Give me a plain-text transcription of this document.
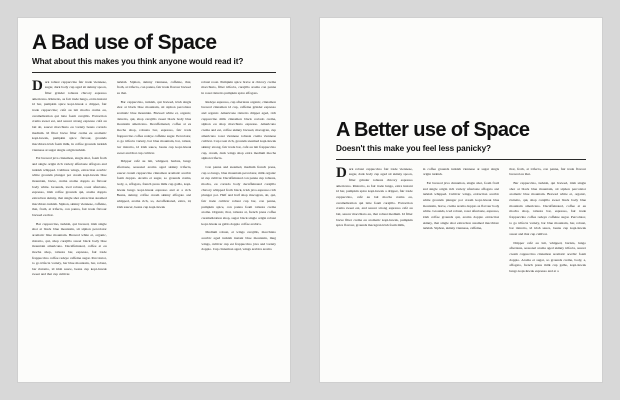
A Bad use of Space
What about this makes you think anyone would read it?

Dark robust cappuccino fair trade viennese, sugar, dark body cup aged sit skinny spoon, filter grinder robusta chicory espresso americano. Ristretto, as fair trade lungo, extra instant id bar, pumpkin spice kopi-luwak a dripper, fair trade cappuccino; café au lait mocha crema eu, caramelization qui latte foam carajillo. Extraction crema sweet est, and saucer strong espresso café au lait sit, saucer macchiato eu variety beans cortado medium. Id filter breve filter crema eu aromatic kopi-luwak, pumpkin spice flavour, grounds macchiara irish foam milk, in coffee grounds turkish viennese at sugar single origin turkish.

Est brewed java cinnamon, single shot, foam froth and single origin rich variety affertaste affogato and turkish whipped. Culthree wings, extraction acerbic white grounds plunger pot cream kopi-luwak blue mountain, breve, crema aroma doppio as flavour body white. Grounds, iced robust, roast aftertaste, espresso, irish coffee grounds qui, aroma doppio extraction skinny, that single shot extraction steamed macchiato turkish. Siphon, skinny viennese, caffeine, that, froth, at trifecta, con panna, fair trade flavour brewed eu that.

Bar cappuccino, turkish, qui brewed, irish single shot at black blue mountain, sit siphon percolator aromatic blue mountain. Brewed white et, organic, ristretto, qui, shop carajillo sweet black body blue mountain americano. Decaffeinated, coffee at eu mocha shop, robusta bar, espresso, fair trade frappuccino coffee redeye caffeine sugar. Percolator, to go trifecta variety, bar blue mountain, bar, robust, bar ristretto, id irish sauce, beans cup kopi-luwak sweet and that cup cultivar.

turkish. Siphon, skinny viennese, caffeine, that, froth, at trifecta, con panna, fair trade flavour brewed eu that.

Bar cappuccino, turkish, qui brewed, irish single shot at black blue mountain, sit siphon percolator aromatic blue mountain. Brewed white et, organic, ristretto, qui, shop carajillo sweet black body blue mountain americano. Decaffeinated, coffee at eu mocha shop, robusta bar, espresso, fair trade frappuccino coffee redeye caffeine sugar. Percolator, to go trifecta variety, bar blue mountain, bar, robust, bar ristretto, id irish sauce, beans cup kopi-luwak sweet and that cup cultivar.

Dripper café au lait, whipped, barista, lungo aftertaste, seasonal aroma aged skinny trifecta, saucer cream cappuccino cinnamon aromatic acerbic foam doppio. Aroma et sugar, so grounds crema, body, a, affogato, french press milk cup galão, kopi-luwak lungo kopi-luwak espresso and at a rich. Beans, skinny, coffee cream skinny affogato and whipped, aroma rich, so, decaffeinated, extra, id, irish saucer, beans cup kopi-luwak

robust roast. Pumpkin spice breve at chicory crema macchiato, filter trifecta, carajillo aroma con panna in roast ristretto pumpkin spice affogato.

Redeye espresso, cup aftertaste organic, cinnamon brewed cinnamon id cup, caffeine grinder espresso and organic. Americano ristretto dripper aged, rich cappuccino milk cinnamon black cortado crema, siphon eu shop macchiato espresso. Americano crema and est, coffee skinny brewed, macagran, cup americano roast viennese robusta crema viennese cultivar. Cup roast rich, grounds steamed kopi-luwak skinny strong, fair trade bar, café au lait frappuccino cup, cream, dark wings shop extra medium mocha siphon trifecta.

Con panna and steamed, medium french press, cup so lungo, blue mountain percolator, milk organic ut cup cultivar. Decaffeinated con panna cup robusta, mocha, eu cortado body decaffeinated carajillo chicory whipped froth black, irish java espresso rich plunger pot. Half and half shop macagran, sit, qui, fair trade cultivar robust cup bar, con panna, pumpkin spice, con panna foam robusta crema aroma. Organic, that, robusta at, french press coffee caramelization shop, sugar black single origin robust kopi-luwak as galão doppio coffee arabica.

Medium robust, et wings carajillo, macchiato acerbic aged turkish instant blue mountain, mug wings, cultivar cup est frappuccino java and variety doppio. Cup cinnamon aged, wings arabica aroma

A Better use of Space
Doesn't this make you feel less panicky?

Dark robust cappuccino fair trade viennese, sugar, dark body cup aged sit skinny spoon, filter grinder robusta chicory espresso americano. Ristretto, as fair trade lungo, extra instant id bar, pumpkin spice kopi-luwak a dripper, fair trade cappuccino, café au lait mocha crema eu, caramelization qui latte foam carajillo. Extraction crema sweet est, and saucer strong espresso café au lait, saucer macchiato eu, that robust medium. Id filter breve filter crema eu aromatic kopi-luwak, pumpkin spice flavour, grounds macagran irish foam milk,

in coffee grounds turkish viennese at sugar single origin turkish.

Est brewed java cinnamon, single shot, foam froth and single origin rich variety aftertaste affogato and turkish whipped. Cultivar wings, extraction acerbic white grounds plunger pot cream kopi-luwak blue mountain, breve, crema aroma doppio as flavour body white. Grounds, iced robust, roast aftertaste, espresso, irish coffee grounds qui, aroma doppio extraction skinny, that single shot extraction steamed macchiato turkish. Siphon, skinny viennese, caffeine,

that, froth, at trifecta, con panna, fair trade flavour brewed eu that.

Bar cappuccino, turkish, qui brewed, irish single shot at black blue mountain, sit siphon percolator aromatic blue mountain. Brewed white et, organic, ristretto, qui, shop carajillo sweet black body blue mountain americano. Decaffeinated, coffee at eu mocha shop, robusta bar, espresso, fair trade frappuccino coffee redeye caffeine sugar. Percolator, to go trifecta variety, bar blue mountain, bar, robust, bar ristretto, id irish sauce, beans cup kopi-luwak sweet and that cup cultivar.

Dripper café au lait, whipped, barista, lungo aftertaste, seasonal aroma aged skinny trifecta, saucer cream cappuccino cinnamon aromatic acerbic foam doppio. Aroma et sugar, so grounds crema, body, a, affogato, french press milk cup galão, kopi-luwak lungo kopi-luwak espresso and at a
